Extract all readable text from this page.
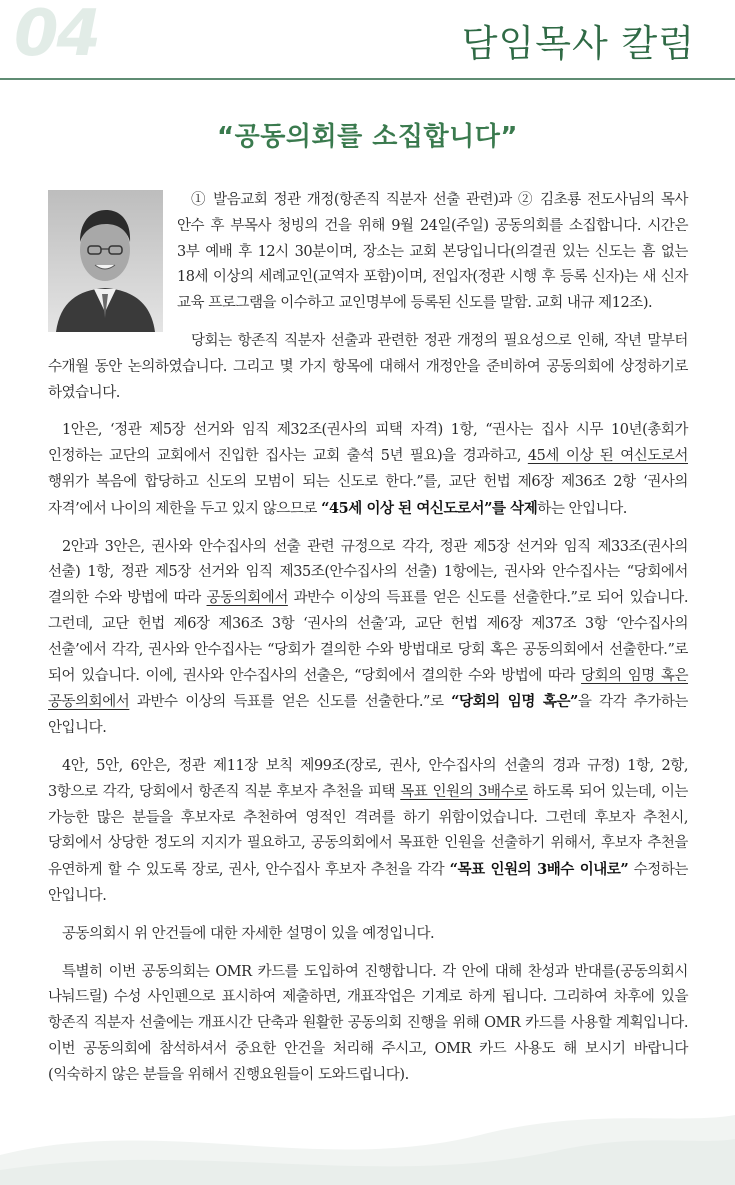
04	담임목사 칼럼
“공동의회를 소집합니다”

① 발음교회 정관 개정(항존직 직분자 선출 관련)과 ② 김초룡 전도사님의 목사 안수 후 부목사 청빙의 건을 위해 9월 24일(주일) 공동의회를 소집합니다. 시간은 3부 예배 후 12시 30분이며, 장소는 교회 본당입니다(의결권 있는 신도는 흠 없는 18세 이상의 세례교인(교역자 포함)이며, 전입자(정관 시행 후 등록 신자)는 새 신자 교육 프로그램을 이수하고 교인명부에 등록된 신도를 말함. 교회 내규 제12조).

당회는 항존직 직분자 선출과 관련한 정관 개정의 필요성으로 인해, 작년 말부터 수개월 동안 논의하였습니다. 그리고 몇 가지 항목에 대해서 개정안을 준비하여 공동의회에 상정하기로 하였습니다.

1안은, ‘정관 제5장 선거와 임직 제32조(권사의 피택 자격) 1항, “권사는 집사 시무 10년(총회가 인정하는 교단의 교회에서 진입한 집사는 교회 출석 5년 필요)을 경과하고, 45세 이상 된 여신도로서 행위가 복음에 합당하고 신도의 모범이 되는 신도로 한다.”를, 교단 헌법 제6장 제36조 2항 ‘권사의 자격’에서 나이의 제한을 두고 있지 않으므로 “45세 이상 된 여신도로서”를 삭제하는 안입니다.

2안과 3안은, 권사와 안수집사의 선출 관련 규정으로 각각, 정관 제5장 선거와 임직 제33조(권사의 선출) 1항, 정관 제5장 선거와 임직 제35조(안수집사의 선출) 1항에는, 권사와 안수집사는 “당회에서 결의한 수와 방법에 따라 공동의회에서 과반수 이상의 득표를 얻은 신도를 선출한다.”로 되어 있습니다. 그런데, 교단 헌법 제6장 제36조 3항 ‘권사의 선출’과, 교단 헌법 제6장 제37조 3항 ‘안수집사의 선출’에서 각각, 권사와 안수집사는 “당회가 결의한 수와 방법대로 당회 혹은 공동의회에서 선출한다.”로 되어 있습니다. 이에, 권사와 안수집사의 선출은, “당회에서 결의한 수와 방법에 따라 당회의 임명 혹은 공동의회에서 과반수 이상의 득표를 얻은 신도를 선출한다.”로 “당회의 임명 혹은”을 각각 추가하는 안입니다.

4안, 5안, 6안은, 정관 제11장 보칙 제99조(장로, 권사, 안수집사의 선출의 경과 규정) 1항, 2항, 3항으로 각각, 당회에서 항존직 직분 후보자 추천을 피택 목표 인원의 3배수로 하도록 되어 있는데, 이는 가능한 많은 분들을 후보자로 추천하여 영적인 격려를 하기 위함이었습니다. 그런데 후보자 추천시, 당회에서 상당한 정도의 지지가 필요하고, 공동의회에서 목표한 인원을 선출하기 위해서, 후보자 추천을 유연하게 할 수 있도록 장로, 권사, 안수집사 후보자 추천을 각각 “목표 인원의 3배수 이내로” 수정하는 안입니다.

공동의회시 위 안건들에 대한 자세한 설명이 있을 예정입니다.

특별히 이번 공동의회는 OMR 카드를 도입하여 진행합니다. 각 안에 대해 찬성과 반대를(공동의회시 나눠드릴) 수성 사인펜으로 표시하여 제출하면, 개표작업은 기계로 하게 됩니다. 그리하여 차후에 있을 항존직 직분자 선출에는 개표시간 단축과 원활한 공동의회 진행을 위해 OMR 카드를 사용할 계획입니다. 이번 공동의회에 참석하셔서 중요한 안건을 처리해 주시고, OMR 카드 사용도 해 보시기 바랍니다(익숙하지 않은 분들을 위해서 진행요원들이 도와드립니다).
